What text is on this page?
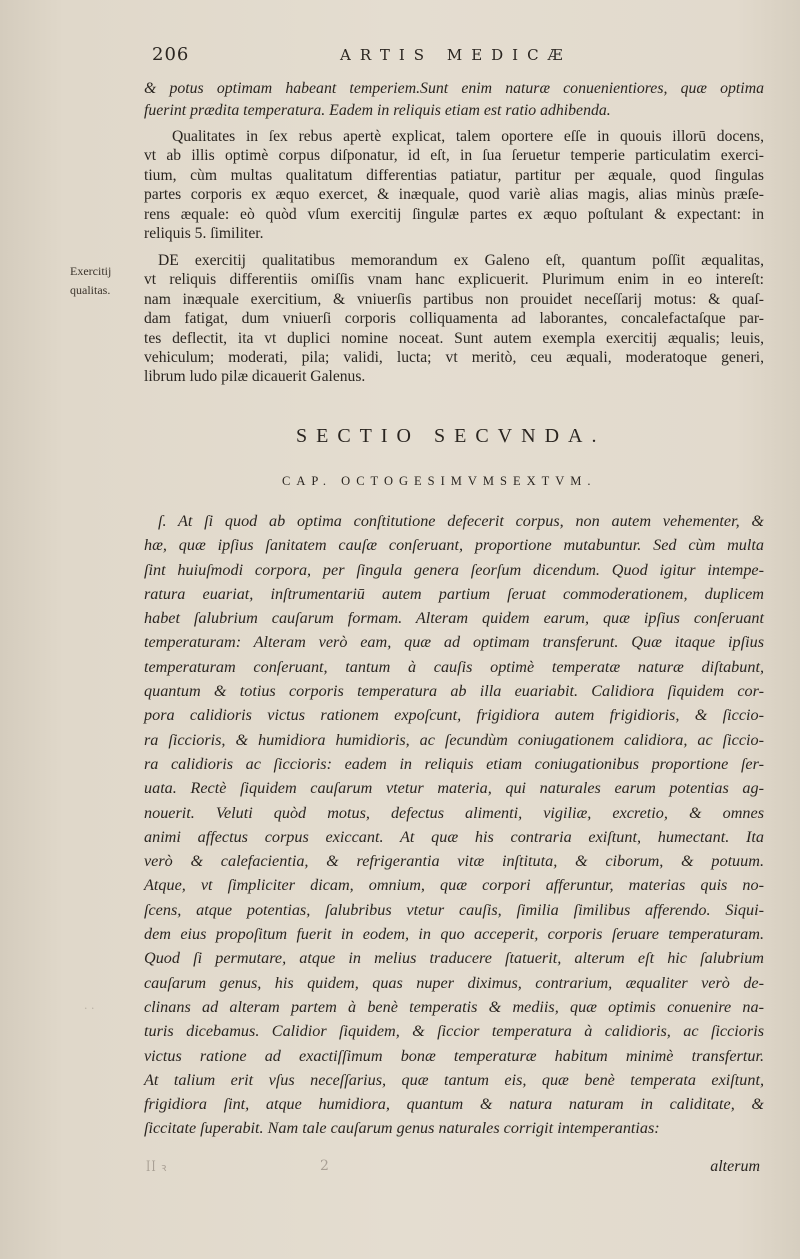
206	ARTIS MEDICÆ
& potus optimam habeant temperiem.Sunt enim naturæ conuenientiores, quæ optima
fuerint prædita temperatura. Eadem in reliquis etiam est ratio adhibenda.
Qualitates in ſex rebus apertè explicat, talem oportere eſſe in quouis illorū docens,
vt ab illis optimè corpus diſponatur, id eſt, in ſua ſeruetur temperie particulatim exerci-
tium, cùm multas qualitatum differentias patiatur, partitur per æquale, quod ſingulas
partes corporis ex æquo exercet, & inæquale, quod variè alias magis, alias minùs præſe-
rens æquale: eò quòd vſum exercitij ſingulæ partes ex æquo poſtulant & expectant: in
reliquis 5. ſimiliter.
Exercitij
qualitas.
DE exercitij qualitatibus memorandum ex Galeno eſt, quantum poſſit æqualitas,
vt reliquis differentiis omiſſis vnam hanc explicuerit. Plurimum enim in eo intereſt:
nam inæquale exercitium, & vniuerſis partibus non prouidet neceſſarij motus: & quaſ-
dam fatigat, dum vniuerſi corporis colliquamenta ad laborantes, concalefactaſque par-
tes deflectit, ita vt duplici nomine noceat. Sunt autem exempla exercitij æqualis; leuis,
vehiculum; moderati, pila; validi, lucta; vt meritò, ceu æquali, moderatoque generi,
librum ludo pilæ dicauerit Galenus.
SECTIO SECVNDA.
CAP. OCTOGESIMVMSEXTVM.
ſ. At ſi quod ab optima conſtitutione defecerit corpus, non autem vehementer, &
hæ, quæ ipſius ſanitatem cauſæ conſeruant, proportione mutabuntur. Sed cùm multa
ſint huiuſmodi corpora, per ſingula genera ſeorſum dicendum. Quod igitur intempe-
ratura euariat, inſtrumentariū autem partium ſeruat commoderationem, duplicem
habet ſalubrium cauſarum formam. Alteram quidem earum, quæ ipſius conſeruant
temperaturam: Alteram verò eam, quæ ad optimam transferunt. Quæ itaque ipſius
temperaturam conſeruant, tantum à cauſis optimè temperatæ naturæ diſtabunt,
quantum & totius corporis temperatura ab illa euariabit. Calidiora ſiquidem cor-
pora calidioris victus rationem expoſcunt, frigidiora autem frigidioris, & ſiccio-
ra ſiccioris, & humidiora humidioris, ac ſecundùm coniugationem calidiora, ac ſiccio-
ra calidioris ac ſiccioris: eadem in reliquis etiam coniugationibus proportione ſer-
uata. Rectè ſiquidem cauſarum vtetur materia, qui naturales earum potentias ag-
nouerit. Veluti quòd motus, defectus alimenti, vigiliæ, excretio, & omnes
animi affectus corpus exiccant. At quæ his contraria exiſtunt, humectant. Ita
verò & calefacientia, & refrigerantia vitæ inſtituta, & ciborum, & potuum.
Atque, vt ſimpliciter dicam, omnium, quæ corpori afferuntur, materias quis no-
ſcens, atque potentias, ſalubribus vtetur cauſis, ſimilia ſimilibus afferendo. Siqui-
dem eius propoſitum fuerit in eodem, in quo acceperit, corporis ſeruare temperaturam.
Quod ſi permutare, atque in melius traducere ſtatuerit, alterum eſt hic ſalubrium
cauſarum genus, his quidem, quas nuper diximus, contrarium, æqualiter verò de-
clinans ad alteram partem à benè temperatis & mediis, quæ optimis conuenire na-
turis dicebamus. Calidior ſiquidem, & ſiccior temperatura à calidioris, ac ſiccioris
victus ratione ad exactiſſimum bonæ temperaturæ habitum minimè transfertur.
At talium erit vſus neceſſarius, quæ tantum eis, quæ benè temperata exiſtunt,
frigidiora ſint, atque humidiora, quantum & natura naturam in caliditate, &
ſiccitate ſuperabit. Nam tale cauſarum genus naturales corrigit intemperantias:
· ·
ꟾꟾ ꝛ	2	alterum
